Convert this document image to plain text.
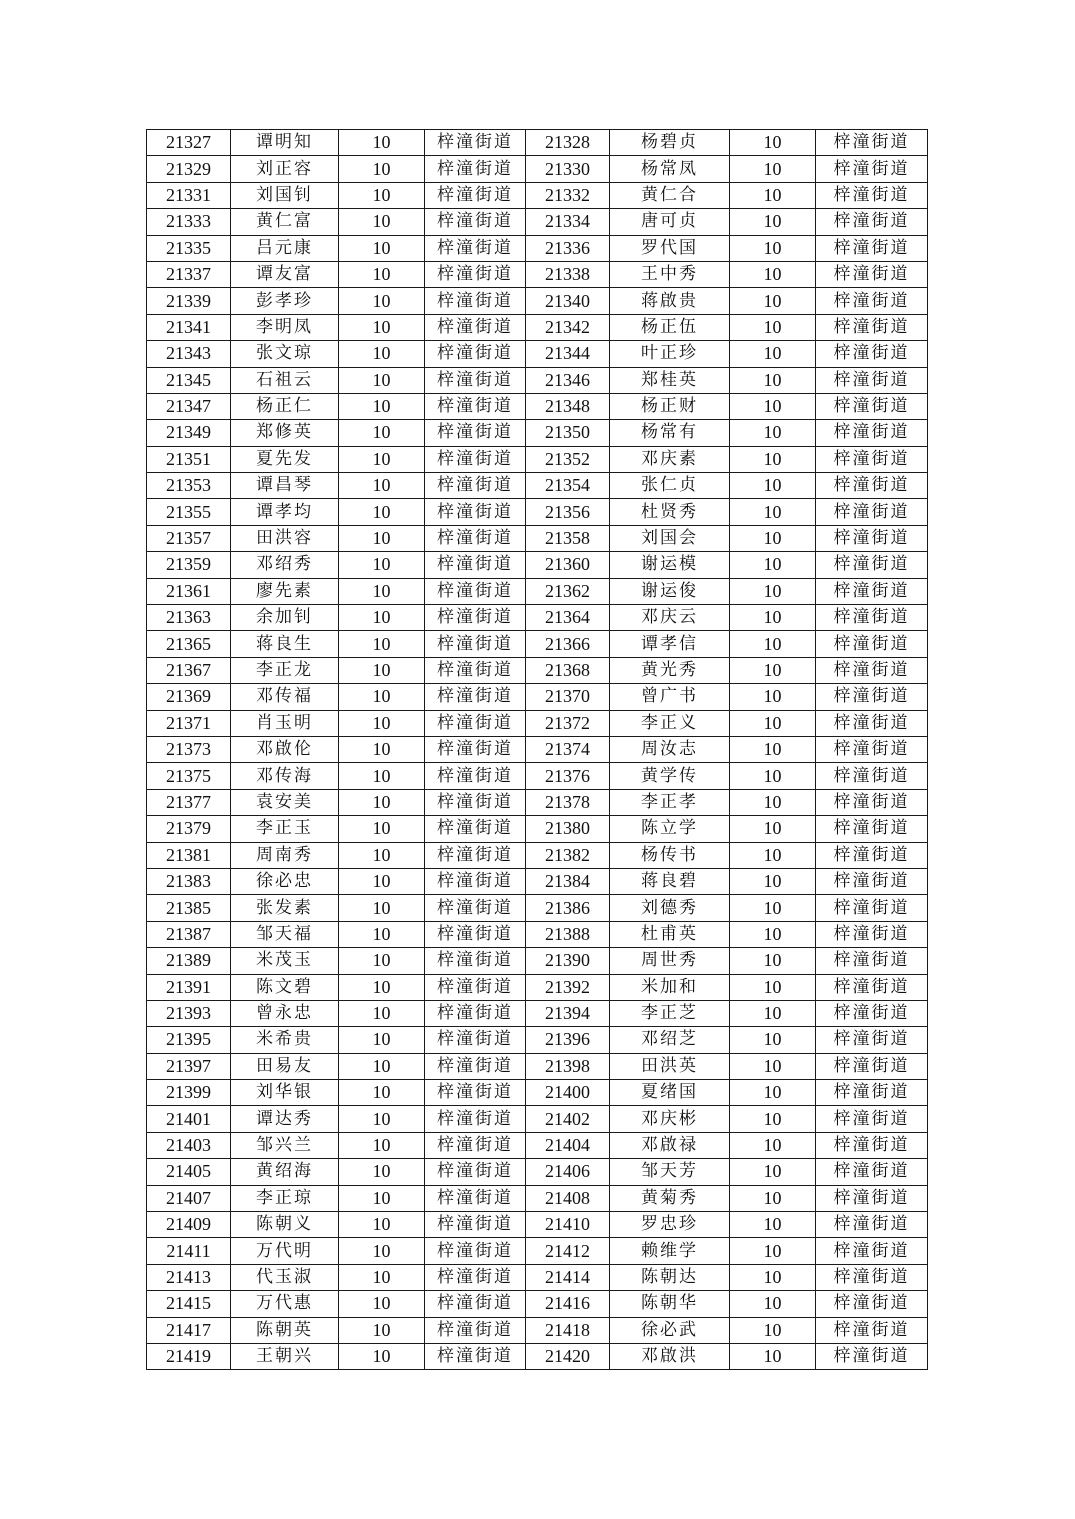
21327	谭明知	10	梓潼街道	21328	杨碧贞	10	梓潼街道
21329	刘正容	10	梓潼街道	21330	杨常凤	10	梓潼街道
21331	刘国钊	10	梓潼街道	21332	黄仁合	10	梓潼街道
21333	黄仁富	10	梓潼街道	21334	唐可贞	10	梓潼街道
21335	吕元康	10	梓潼街道	21336	罗代国	10	梓潼街道
21337	谭友富	10	梓潼街道	21338	王中秀	10	梓潼街道
21339	彭孝珍	10	梓潼街道	21340	蒋啟贵	10	梓潼街道
21341	李明凤	10	梓潼街道	21342	杨正伍	10	梓潼街道
21343	张文琼	10	梓潼街道	21344	叶正珍	10	梓潼街道
21345	石祖云	10	梓潼街道	21346	郑桂英	10	梓潼街道
21347	杨正仁	10	梓潼街道	21348	杨正财	10	梓潼街道
21349	郑修英	10	梓潼街道	21350	杨常有	10	梓潼街道
21351	夏先发	10	梓潼街道	21352	邓庆素	10	梓潼街道
21353	谭昌琴	10	梓潼街道	21354	张仁贞	10	梓潼街道
21355	谭孝均	10	梓潼街道	21356	杜贤秀	10	梓潼街道
21357	田洪容	10	梓潼街道	21358	刘国会	10	梓潼街道
21359	邓绍秀	10	梓潼街道	21360	谢运模	10	梓潼街道
21361	廖先素	10	梓潼街道	21362	谢运俊	10	梓潼街道
21363	余加钊	10	梓潼街道	21364	邓庆云	10	梓潼街道
21365	蒋良生	10	梓潼街道	21366	谭孝信	10	梓潼街道
21367	李正龙	10	梓潼街道	21368	黄光秀	10	梓潼街道
21369	邓传福	10	梓潼街道	21370	曾广书	10	梓潼街道
21371	肖玉明	10	梓潼街道	21372	李正义	10	梓潼街道
21373	邓啟伦	10	梓潼街道	21374	周汝志	10	梓潼街道
21375	邓传海	10	梓潼街道	21376	黄学传	10	梓潼街道
21377	袁安美	10	梓潼街道	21378	李正孝	10	梓潼街道
21379	李正玉	10	梓潼街道	21380	陈立学	10	梓潼街道
21381	周南秀	10	梓潼街道	21382	杨传书	10	梓潼街道
21383	徐必忠	10	梓潼街道	21384	蒋良碧	10	梓潼街道
21385	张发素	10	梓潼街道	21386	刘德秀	10	梓潼街道
21387	邹天福	10	梓潼街道	21388	杜甫英	10	梓潼街道
21389	米茂玉	10	梓潼街道	21390	周世秀	10	梓潼街道
21391	陈文碧	10	梓潼街道	21392	米加和	10	梓潼街道
21393	曾永忠	10	梓潼街道	21394	李正芝	10	梓潼街道
21395	米希贵	10	梓潼街道	21396	邓绍芝	10	梓潼街道
21397	田易友	10	梓潼街道	21398	田洪英	10	梓潼街道
21399	刘华银	10	梓潼街道	21400	夏绪国	10	梓潼街道
21401	谭达秀	10	梓潼街道	21402	邓庆彬	10	梓潼街道
21403	邹兴兰	10	梓潼街道	21404	邓啟禄	10	梓潼街道
21405	黄绍海	10	梓潼街道	21406	邹天芳	10	梓潼街道
21407	李正琼	10	梓潼街道	21408	黄菊秀	10	梓潼街道
21409	陈朝义	10	梓潼街道	21410	罗忠珍	10	梓潼街道
21411	万代明	10	梓潼街道	21412	赖维学	10	梓潼街道
21413	代玉淑	10	梓潼街道	21414	陈朝达	10	梓潼街道
21415	万代惠	10	梓潼街道	21416	陈朝华	10	梓潼街道
21417	陈朝英	10	梓潼街道	21418	徐必武	10	梓潼街道
21419	王朝兴	10	梓潼街道	21420	邓啟洪	10	梓潼街道
